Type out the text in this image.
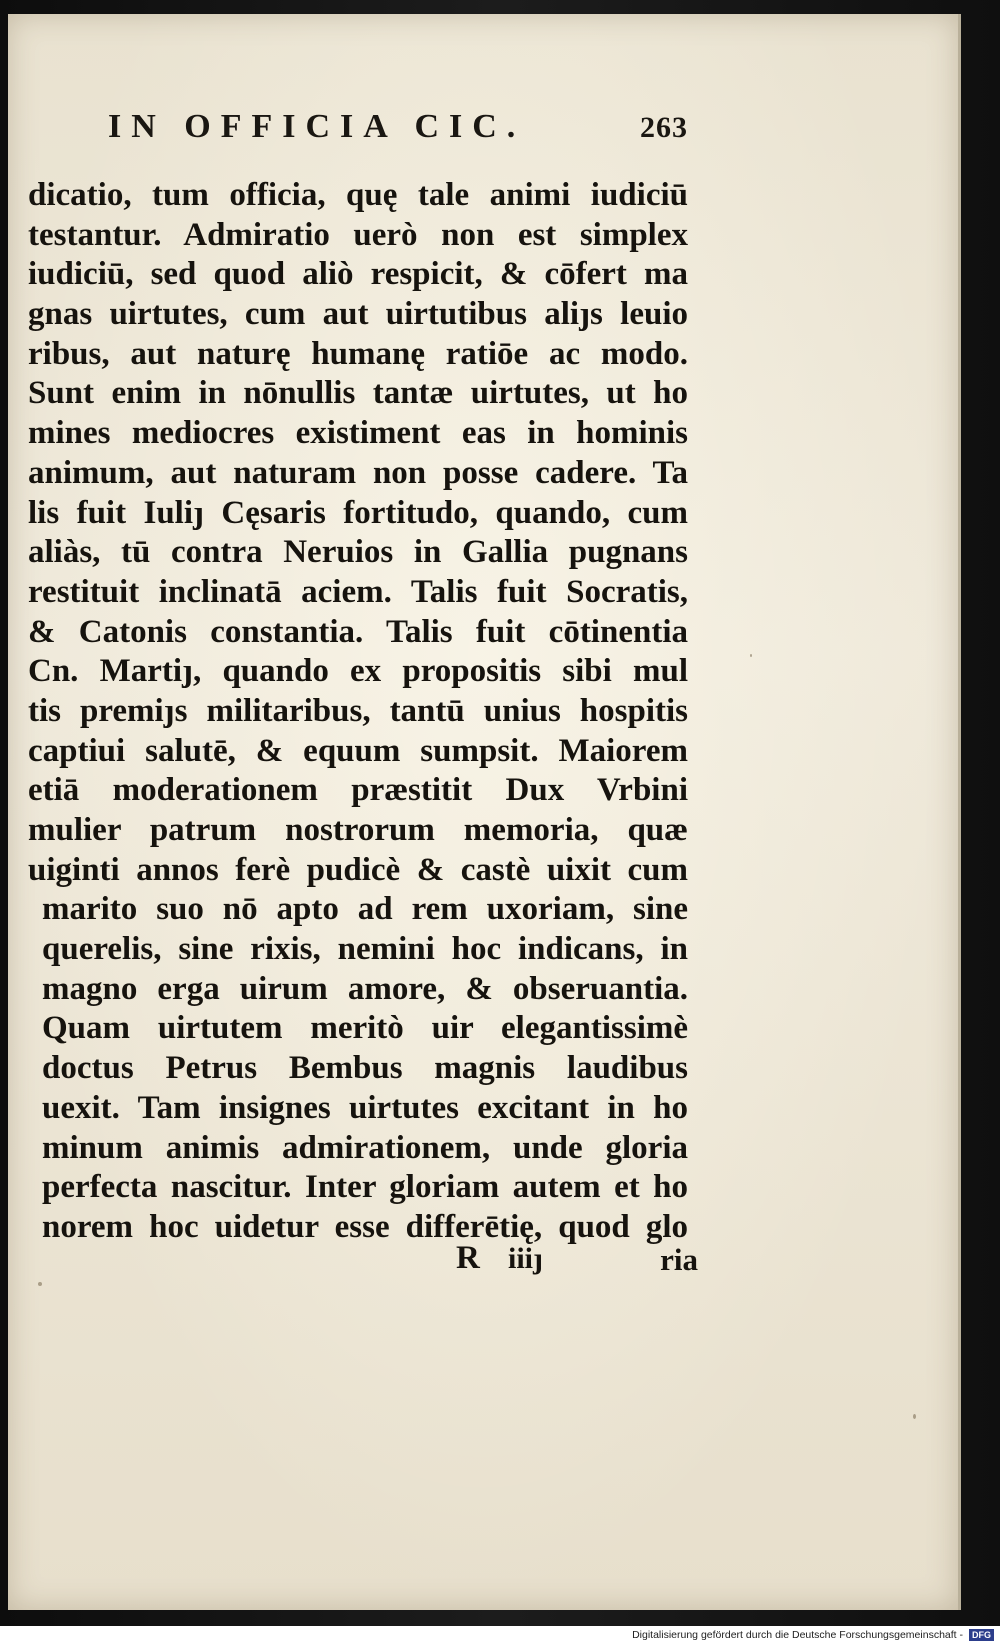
IN OFFICIA CIC.	263
dicatio, tum officia, quę tale animi iudiciū
testantur. Admiratio uerò non est simplex
iudiciū, sed quod aliò respicit, & cōfert ma
gnas uirtutes, cum aut uirtutibus aliȷs leuio
ribus, aut naturę humanę ratiōe ac modo.
Sunt enim in nōnullis tantæ uirtutes, ut ho
mines mediocres existiment eas in hominis
animum, aut naturam non posse cadere. Ta
lis fuit Iuliȷ Cęsaris fortitudo, quando, cum
aliàs, tū contra Neruios in Gallia pugnans
restituit inclinatā aciem. Talis fuit Socratis,
& Catonis constantia. Talis fuit cōtinentia
Cn. Martiȷ, quando ex propositis sibi mul
tis premiȷs militaribus, tantū unius hospitis
captiui salutē, & equum sumpsit. Maiorem
etiā moderationem præstitit Dux Vrbini
mulier patrum nostrorum memoria, quæ
uiginti annos ferè pudicè & castè uixit cum
marito suo nō apto ad rem uxoriam, sine
querelis, sine rixis, nemini hoc indicans, in
magno erga uirum amore, & obseruantia.
Quam uirtutem meritò uir elegantissimè
doctus Petrus Bembus magnis laudibus
uexit. Tam insignes uirtutes excitant in ho
minum animis admirationem, unde gloria
perfecta nascitur. Inter gloriam autem et ho
norem hoc uidetur esse differētię, quod glo
R iiiȷ	ria
Digitalisierung gefördert durch die Deutsche Forschungsgemeinschaft -	DFG
